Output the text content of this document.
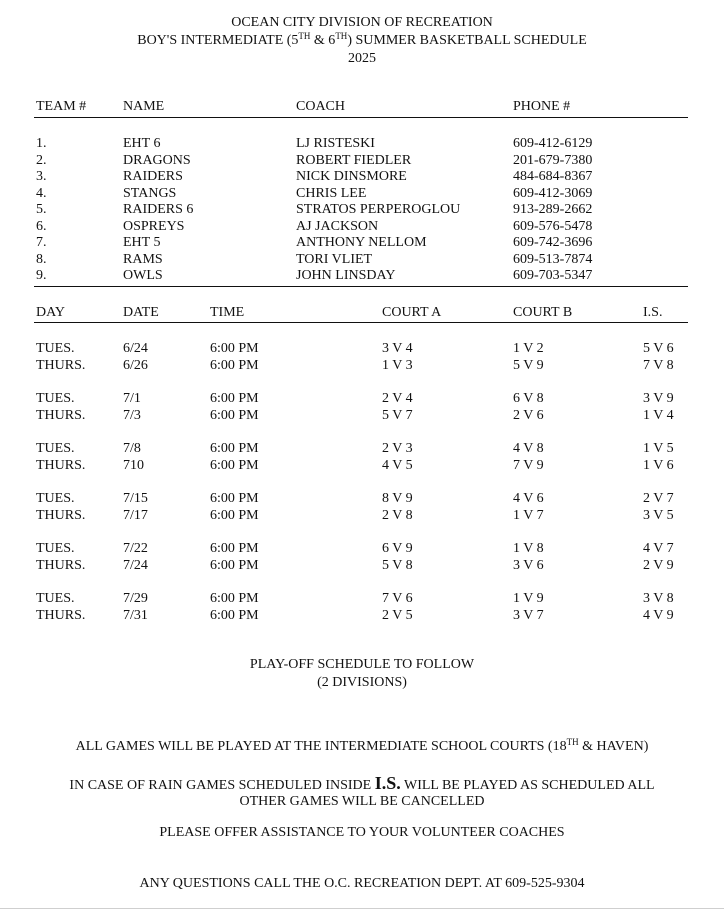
OCEAN CITY DIVISION OF RECREATION
BOY'S INTERMEDIATE (5TH & 6TH) SUMMER BASKETBALL SCHEDULE
2025
TEAM #	NAME	COACH	PHONE #
1.	EHT 6	LJ RISTESKI	609-412-6129
2.	DRAGONS	ROBERT FIEDLER	201-679-7380
3.	RAIDERS	NICK DINSMORE	484-684-8367
4.	STANGS	CHRIS LEE	609-412-3069
5.	RAIDERS 6	STRATOS PERPEROGLOU	913-289-2662
6.	OSPREYS	AJ JACKSON	609-576-5478
7.	EHT 5	ANTHONY NELLOM	609-742-3696
8.	RAMS	TORI VLIET	609-513-7874
9.	OWLS	JOHN LINSDAY	609-703-5347
DAY	DATE	TIME	COURT A	COURT B	I.S.
TUES.	6/24	6:00 PM	3 V 4	1 V 2	5 V 6
THURS.	6/26	6:00 PM	1 V 3	5 V 9	7 V 8
TUES.	7/1	6:00 PM	2 V 4	6 V 8	3 V 9
THURS.	7/3	6:00 PM	5 V 7	2 V 6	1 V 4
TUES.	7/8	6:00 PM	2 V 3	4 V 8	1 V 5
THURS.	710	6:00 PM	4 V 5	7 V 9	1 V 6
TUES.	7/15	6:00 PM	8 V 9	4 V 6	2 V 7
THURS.	7/17	6:00 PM	2 V 8	1 V 7	3 V 5
TUES.	7/22	6:00 PM	6 V 9	1 V 8	4 V 7
THURS.	7/24	6:00 PM	5 V 8	3 V 6	2 V 9
TUES.	7/29	6:00 PM	7 V 6	1 V 9	3 V 8
THURS.	7/31	6:00 PM	2 V 5	3 V 7	4 V 9
PLAY-OFF SCHEDULE TO FOLLOW
(2 DIVISIONS)
ALL GAMES WILL BE PLAYED AT THE INTERMEDIATE SCHOOL COURTS (18TH & HAVEN)
IN CASE OF RAIN GAMES SCHEDULED INSIDE I.S. WILL BE PLAYED AS SCHEDULED ALL
OTHER GAMES WILL BE CANCELLED
PLEASE OFFER ASSISTANCE TO YOUR VOLUNTEER COACHES
ANY QUESTIONS CALL THE O.C. RECREATION DEPT. AT 609-525-9304
